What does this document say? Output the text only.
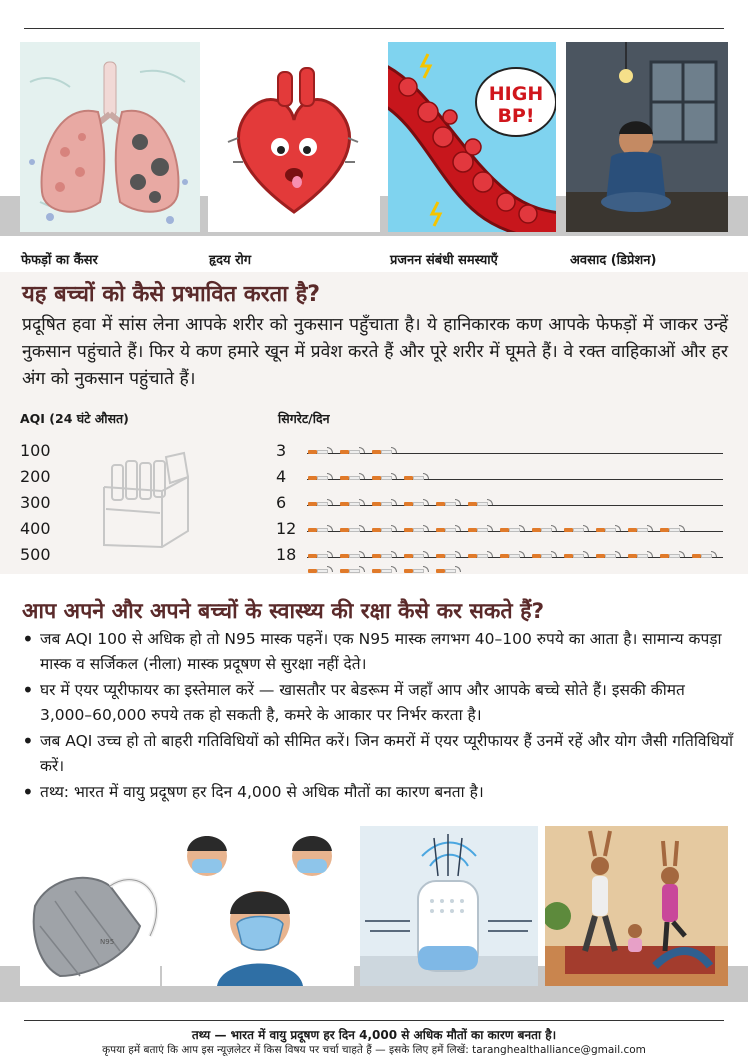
HIGH
BP!
फेफड़ों का कैंसर	हृदय रोग	प्रजनन संबंधी समस्याएँ	अवसाद (डिप्रेशन)
यह बच्चों को कैसे प्रभावित करता है?
प्रदूषित हवा में सांस लेना आपके शरीर को नुकसान पहुँचाता है। ये हानिकारक कण आपके फेफड़ों में जाकर उन्हें नुकसान पहुंचाते हैं। फिर ये कण हमारे खून में प्रवेश करते हैं और पूरे शरीर में घूमते हैं। वे रक्त वाहिकाओं और हर अंग को नुकसान पहुंचाते हैं।
AQI (24 घंटे औसत)	सिगरेट/दिन
100	3
200	4
300	6
400	12
500	18
आप अपने और अपने बच्चों के स्वास्थ्य की रक्षा कैसे कर सकते हैं?
• जब AQI 100 से अधिक हो तो N95 मास्क पहनें। एक N95 मास्क लगभग 40–100 रुपये का आता है। सामान्य कपड़ा मास्क व सर्जिकल (नीला) मास्क प्रदूषण से सुरक्षा नहीं देते।
• घर में एयर प्यूरीफायर का इस्तेमाल करें — खासतौर पर बेडरूम में जहाँ आप और आपके बच्चे सोते हैं। इसकी कीमत 3,000–60,000 रुपये तक हो सकती है, कमरे के आकार पर निर्भर करता है।
• जब AQI उच्च हो तो बाहरी गतिविधियों को सीमित करें। जिन कमरों में एयर प्यूरीफायर हैं उनमें रहें और योग जैसी गतिविधियाँ करें।
• तथ्य: भारत में वायु प्रदूषण हर दिन 4,000 से अधिक मौतों का कारण बनता है।
N95
तथ्य — भारत में वायु प्रदूषण हर दिन 4,000 से अधिक मौतों का कारण बनता है।
कृपया हमें बताएं कि आप इस न्यूज़लेटर में किस विषय पर चर्चा चाहते हैं — इसके लिए हमें लिखें: taranghealthalliance@gmail.com
